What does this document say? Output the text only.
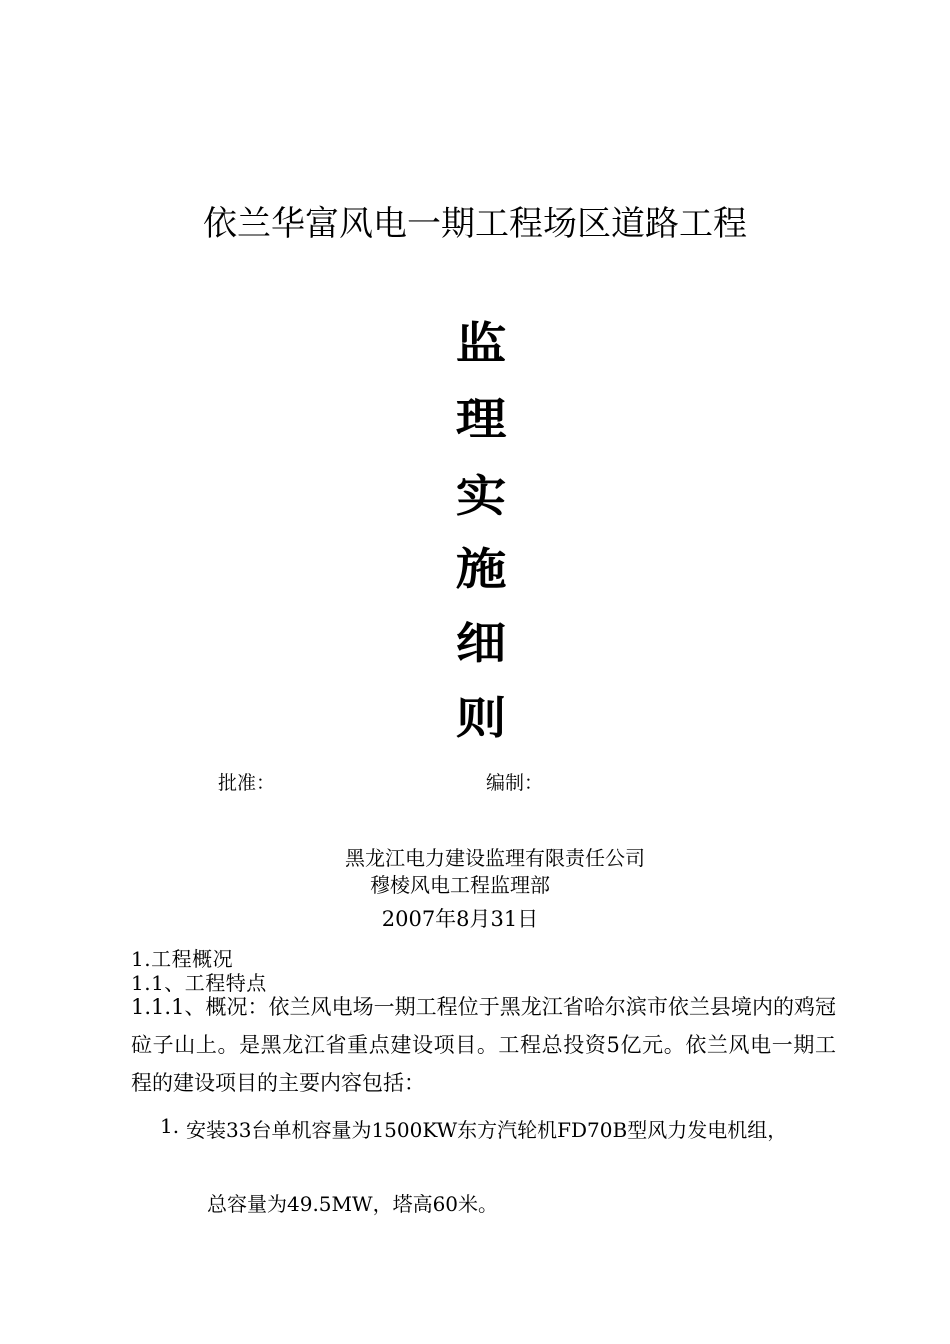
依兰华富风电一期工程场区道路工程
监
理
实
施
细
则
批准：	编制：
黑龙江电力建设监理有限责任公司
穆棱风电工程监理部
2007年8月31日
1.工程概况
1.1、工程特点
1.1.1、概况：依兰风电场一期工程位于黑龙江省哈尔滨市依兰县境内的鸡冠砬子山上。是黑龙江省重点建设项目。工程总投资5亿元。依兰风电一期工程的建设项目的主要内容包括：
1. 安装33台单机容量为1500KW东方汽轮机FD70B型风力发电机组，
总容量为49.5MW，塔高60米。
